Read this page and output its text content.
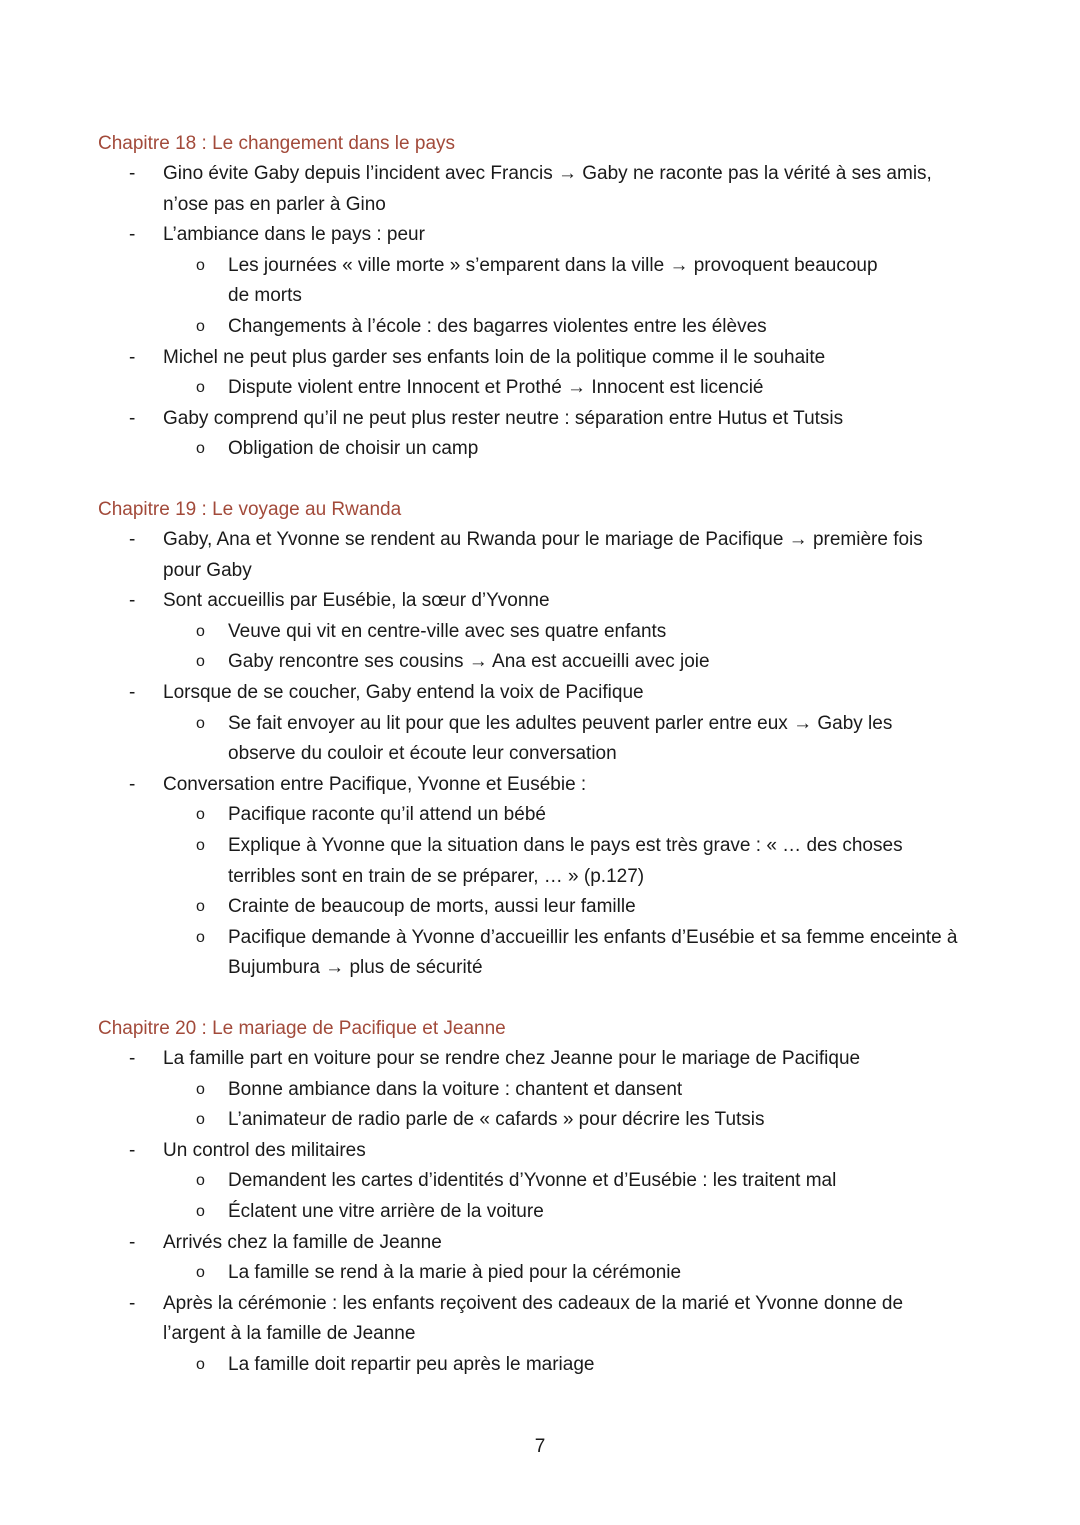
Chapitre 18 : Le changement dans le pays
- Gino évite Gaby depuis l’incident avec Francis → Gaby ne raconte pas la vérité à ses amis, n’ose pas en parler à Gino
- L’ambiance dans le pays : peur
o Les journées « ville morte » s’emparent dans la ville → provoquent beaucoup de morts
o Changements à l’école : des bagarres violentes entre les élèves
- Michel ne peut plus garder ses enfants loin de la politique comme il le souhaite
o Dispute violent entre Innocent et Prothé → Innocent est licencié
- Gaby comprend qu’il ne peut plus rester neutre : séparation entre Hutus et Tutsis
o Obligation de choisir un camp
Chapitre 19 : Le voyage au Rwanda
- Gaby, Ana et Yvonne se rendent au Rwanda pour le mariage de Pacifique → première fois pour Gaby
- Sont accueillis par Eusébie, la sœur d’Yvonne
o Veuve qui vit en centre-ville avec ses quatre enfants
o Gaby rencontre ses cousins → Ana est accueilli avec joie
- Lorsque de se coucher, Gaby entend la voix de Pacifique
o Se fait envoyer au lit pour que les adultes peuvent parler entre eux → Gaby les observe du couloir et écoute leur conversation
- Conversation entre Pacifique, Yvonne et Eusébie :
o Pacifique raconte qu’il attend un bébé
o Explique à Yvonne que la situation dans le pays est très grave : « … des choses terribles sont en train de se préparer, … » (p.127)
o Crainte de beaucoup de morts, aussi leur famille
o Pacifique demande à Yvonne d’accueillir les enfants d’Eusébie et sa femme enceinte à Bujumbura → plus de sécurité
Chapitre 20 : Le mariage de Pacifique et Jeanne
- La famille part en voiture pour se rendre chez Jeanne pour le mariage de Pacifique
o Bonne ambiance dans la voiture : chantent et dansent
o L’animateur de radio parle de « cafards » pour décrire les Tutsis
- Un control des militaires
o Demandent les cartes d’identités d’Yvonne et d’Eusébie : les traitent mal
o Éclatent une vitre arrière de la voiture
- Arrivés chez la famille de Jeanne
o La famille se rend à la marie à pied pour la cérémonie
- Après la cérémonie : les enfants reçoivent des cadeaux de la marié et Yvonne donne de l’argent à la famille de Jeanne
o La famille doit repartir peu après le mariage
7
